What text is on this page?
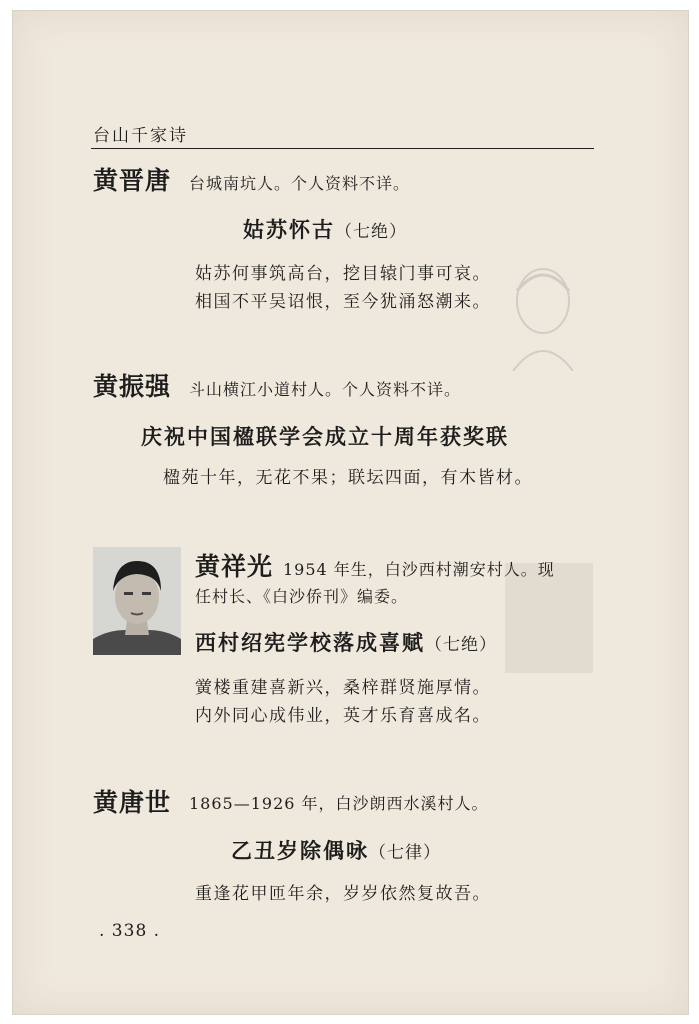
台山千家诗
黄晋唐 台城南坑人。个人资料不详。
姑苏怀古（七绝）
姑苏何事筑高台，挖目辕门事可哀。
相国不平吴诏恨，至今犹涌怒潮来。
黄振强 斗山横江小道村人。个人资料不详。
庆祝中国楹联学会成立十周年获奖联
楹苑十年，无花不果；联坛四面，有木皆材。
黄祥光 1954 年生，白沙西村潮安村人。现
任村长、《白沙侨刊》编委。
西村绍宪学校落成喜赋（七绝）
黉楼重建喜新兴，桑梓群贤施厚情。
内外同心成伟业，英才乐育喜成名。
黄唐世 1865—1926 年，白沙朗西水溪村人。
乙丑岁除偶咏（七律）
重逢花甲匝年余，岁岁依然复故吾。
. 338 .
